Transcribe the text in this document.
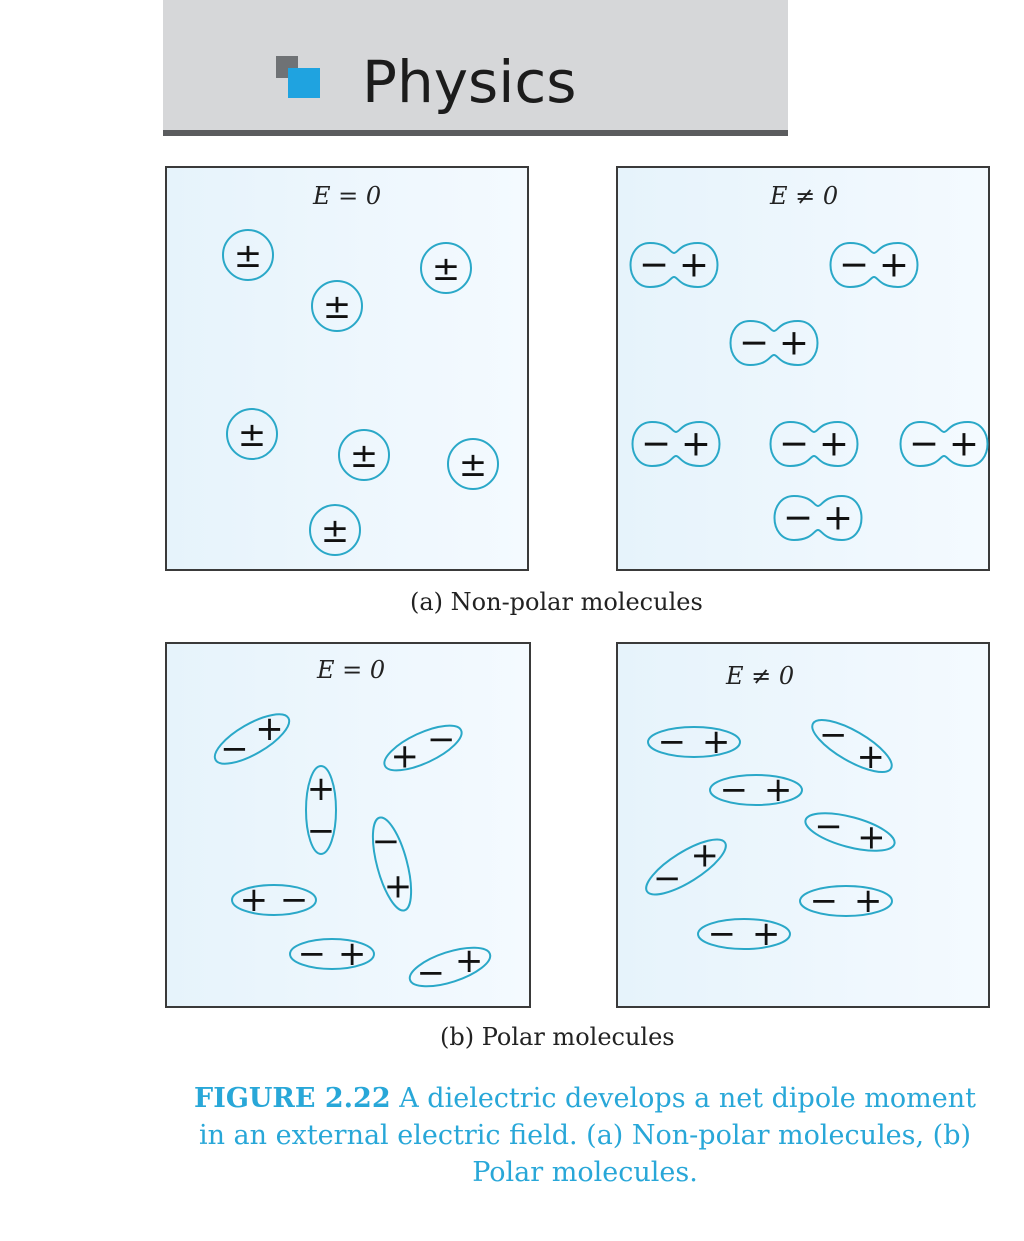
Physics
E = 0
±
±
±
±
± ±
±
E ≠ 0
− +	− +
− +
− + − + − +
− +
(a) Non-polar molecules
E = 0
−
+
+ −
+
− −
+
+ −
− + − +
E ≠ 0
− +	−
+
− +
− +
−
+
− +
− +
(b) Polar molecules
FIGURE 2.22 A dielectric develops a net dipole moment in an external electric field. (a) Non-polar molecules, (b) Polar molecules.
